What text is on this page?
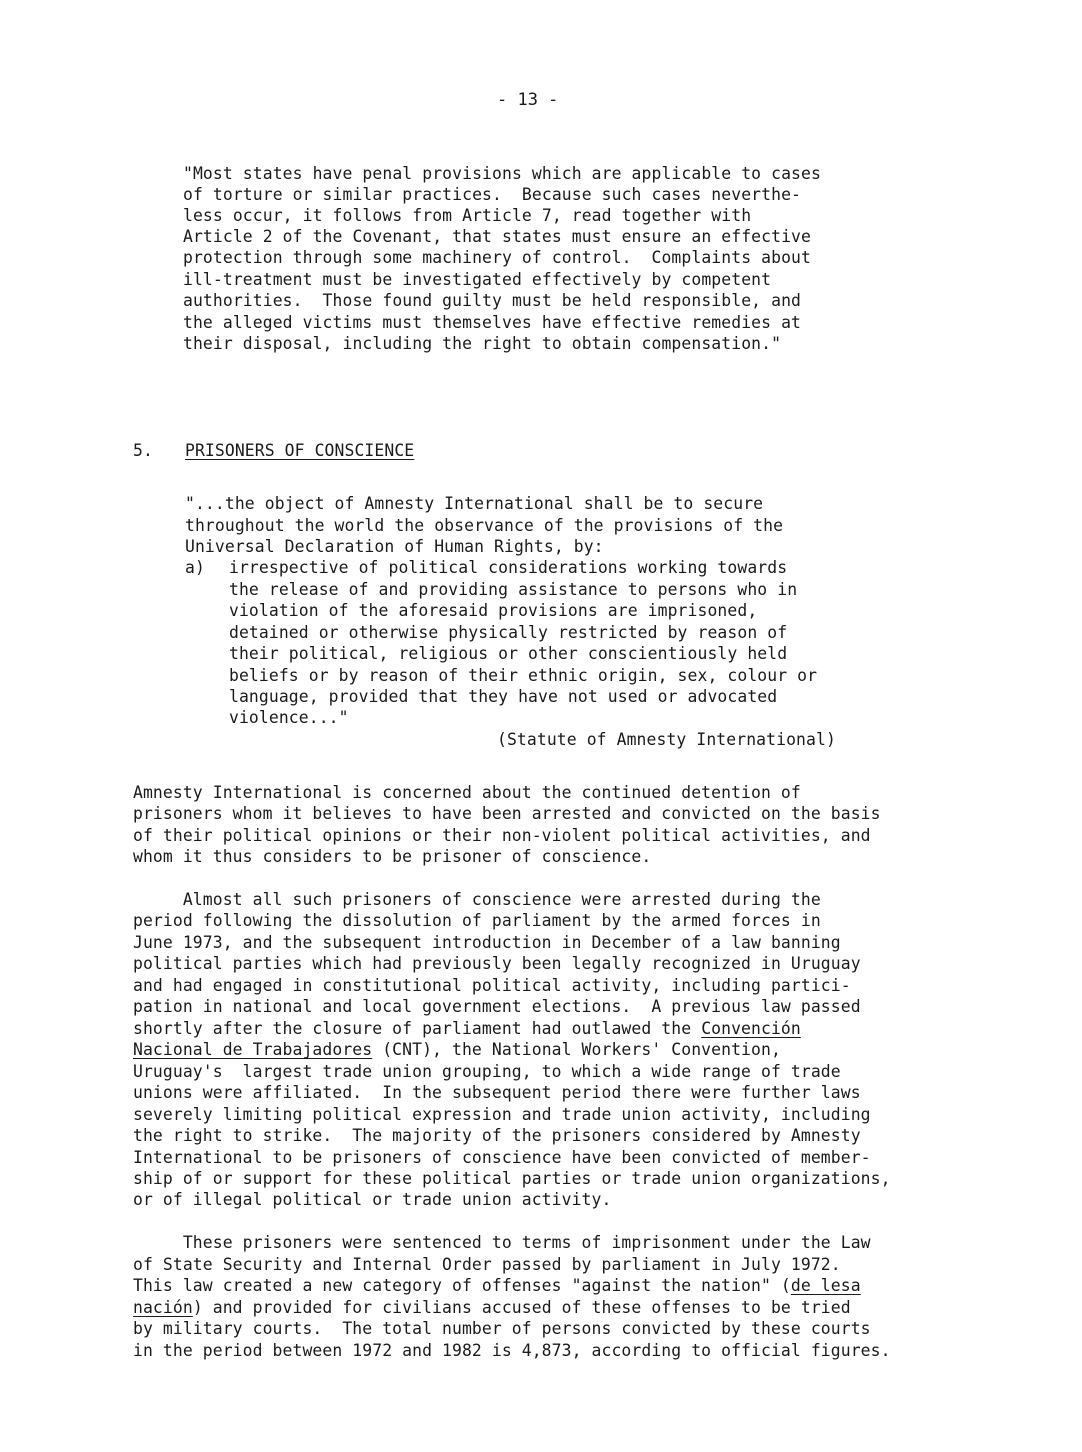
- 13 -
"Most states have penal provisions which are applicable to cases
of torture or similar practices.  Because such cases neverthe-
less occur, it follows from Article 7, read together with
Article 2 of the Covenant, that states must ensure an effective
protection through some machinery of control.  Complaints about
ill-treatment must be investigated effectively by competent
authorities.  Those found guilty must be held responsible, and
the alleged victims must themselves have effective remedies at
their disposal, including the right to obtain compensation."
5. PRISONERS OF CONSCIENCE
"...the object of Amnesty International shall be to secure
throughout the world the observance of the provisions of the
Universal Declaration of Human Rights, by:
a) irrespective of political considerations working towards
the release of and providing assistance to persons who in
violation of the aforesaid provisions are imprisoned,
detained or otherwise physically restricted by reason of
their political, religious or other conscientiously held
beliefs or by reason of their ethnic origin, sex, colour or
language, provided that they have not used or advocated
violence..."
(Statute of Amnesty International)
Amnesty International is concerned about the continued detention of
prisoners whom it believes to have been arrested and convicted on the basis
of their political opinions or their non-violent political activities, and
whom it thus considers to be prisoner of conscience.
Almost all such prisoners of conscience were arrested during the
period following the dissolution of parliament by the armed forces in
June 1973, and the subsequent introduction in December of a law banning
political parties which had previously been legally recognized in Uruguay
and had engaged in constitutional political activity, including partici-
pation in national and local government elections.  A previous law passed
shortly after the closure of parliament had outlawed the Convención
Nacional de Trabajadores (CNT), the National Workers' Convention,
Uruguay's  largest trade union grouping, to which a wide range of trade
unions were affiliated.  In the subsequent period there were further laws
severely limiting political expression and trade union activity, including
the right to strike.  The majority of the prisoners considered by Amnesty
International to be prisoners of conscience have been convicted of member-
ship of or support for these political parties or trade union organizations,
or of illegal political or trade union activity.
These prisoners were sentenced to terms of imprisonment under the Law
of State Security and Internal Order passed by parliament in July 1972.
This law created a new category of offenses "against the nation" (de lesa
nación) and provided for civilians accused of these offenses to be tried
by military courts.  The total number of persons convicted by these courts
in the period between 1972 and 1982 is 4,873, according to official figures.
